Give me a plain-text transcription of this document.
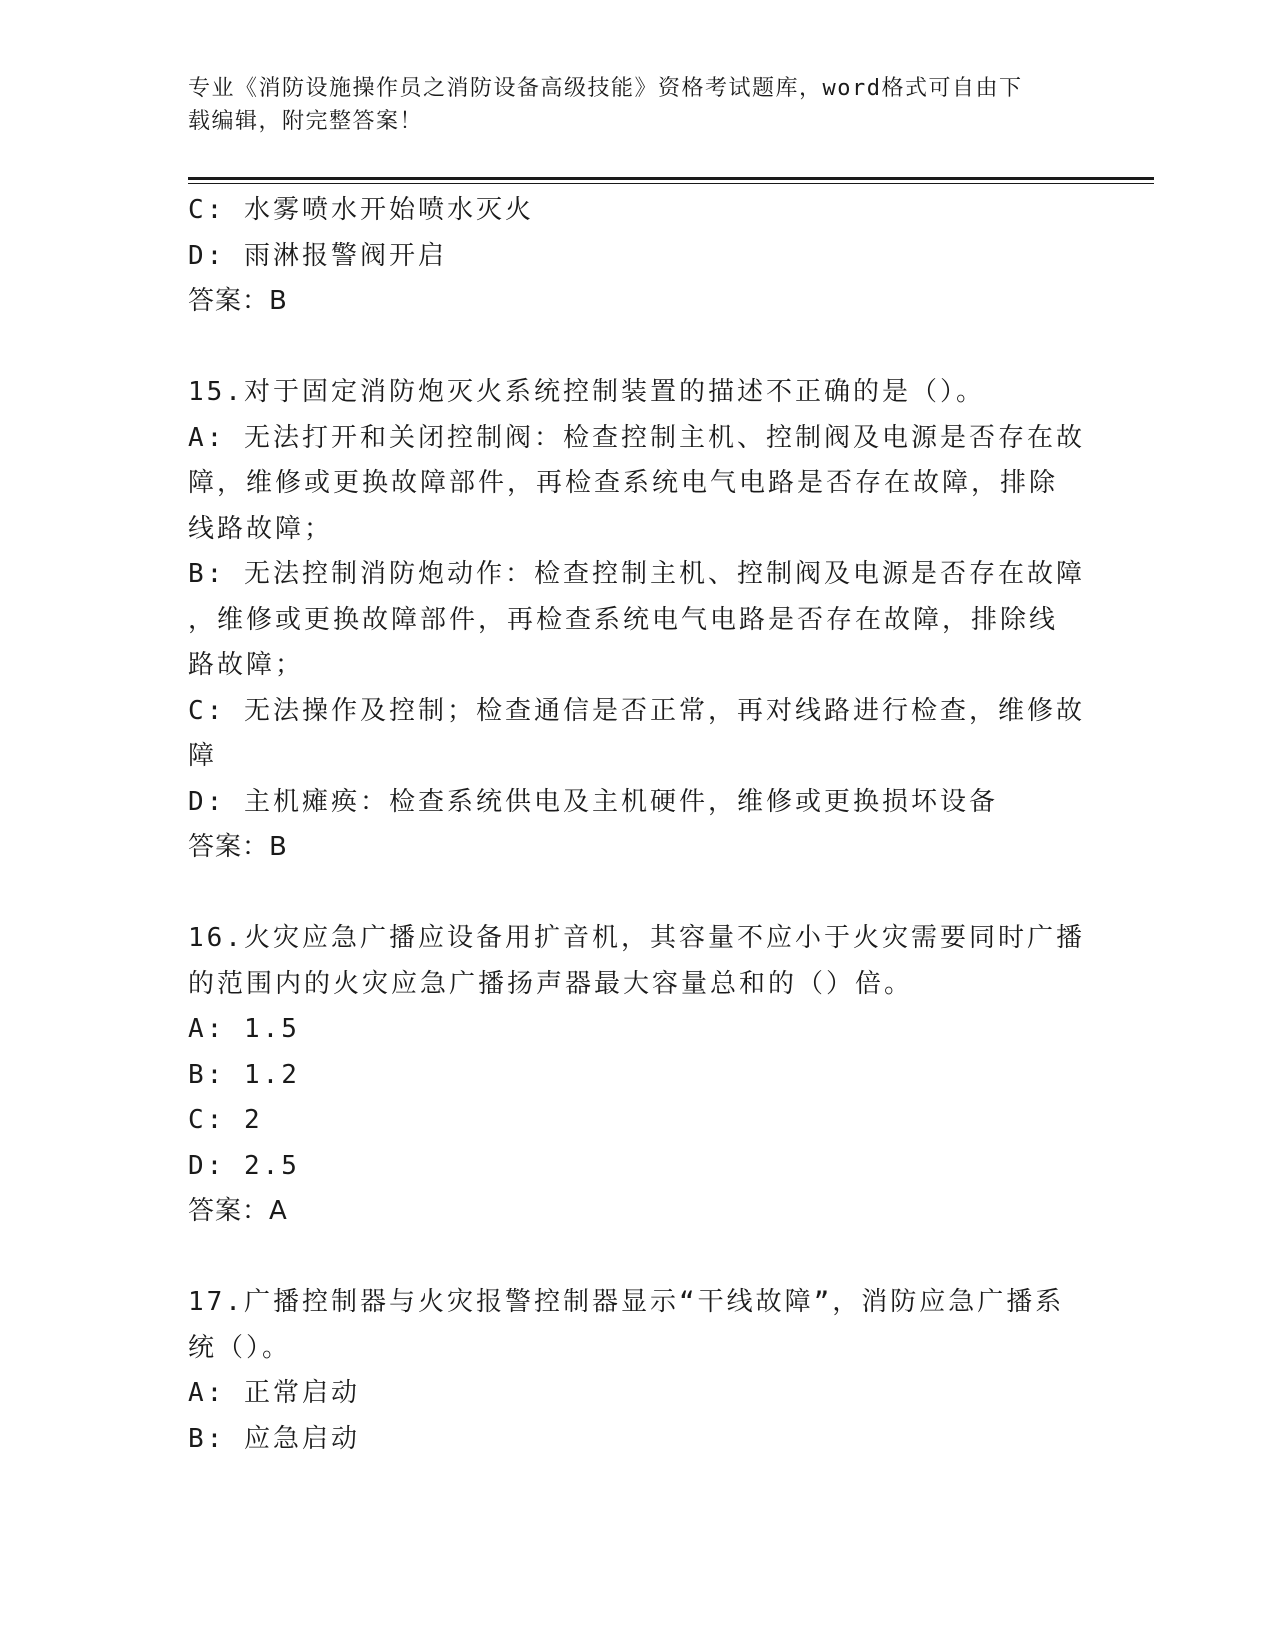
专业《消防设施操作员之消防设备高级技能》资格考试题库，word格式可自由下
载编辑，附完整答案！
C: 水雾喷水开始喷水灭火
D: 雨淋报警阀开启
答案：B
15.对于固定消防炮灭火系统控制装置的描述不正确的是（）。
A: 无法打开和关闭控制阀：检查控制主机、控制阀及电源是否存在故
障，维修或更换故障部件，再检查系统电气电路是否存在故障，排除
线路故障；
B: 无法控制消防炮动作：检查控制主机、控制阀及电源是否存在故障
，维修或更换故障部件，再检查系统电气电路是否存在故障，排除线
路故障；
C: 无法操作及控制；检查通信是否正常，再对线路进行检查，维修故
障
D: 主机瘫痪：检查系统供电及主机硬件，维修或更换损坏设备
答案：B
16.火灾应急广播应设备用扩音机，其容量不应小于火灾需要同时广播
的范围内的火灾应急广播扬声器最大容量总和的（）倍。
A: 1.5
B: 1.2
C: 2
D: 2.5
答案：A
17.广播控制器与火灾报警控制器显示“干线故障”，消防应急广播系
统（）。
A: 正常启动
B: 应急启动
